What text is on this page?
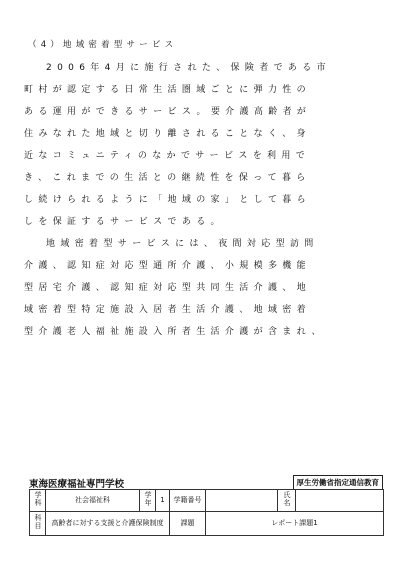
（4）地域密着型サービス
2006年4月に施行された、保険者である市
町村が認定する日常生活圏域ごとに弾力性の
ある運用ができるサービス。要介護高齢者が
住みなれた地域と切り離されることなく、身
近なコミュニティのなかでサービスを利用で
き、これまでの生活との継続性を保って暮ら
し続けられるように「地域の家」として暮ら
しを保証するサービスである。
地域密着型サービスには、夜間対応型訪問
介護、認知症対応型通所介護、小規模多機能
型居宅介護、認知症対応型共同生活介護、地
域密着型特定施設入居者生活介護、地域密着
型介護老人福祉施設入所者生活介護が含まれ、
東海医療福祉専門学校	厚生労働省指定通信教育
学科	社会福祉科	学年	1	学籍番号		氏名	
科目	高齢者に対する支援と介護保険制度			課題	レポート課題1		
